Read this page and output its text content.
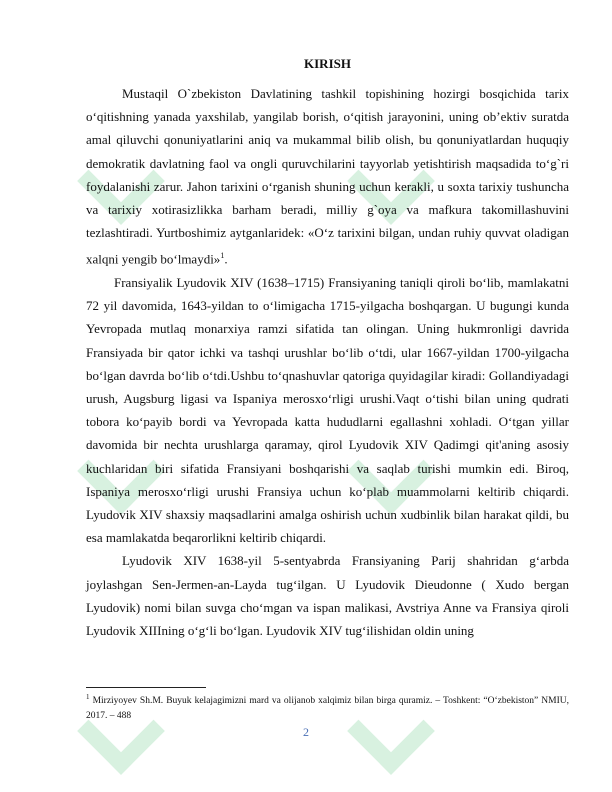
KIRISH

Mustaqil O`zbekiston Davlatining tashkil topishining hozirgi bosqichida tarix o‘qitishning yanada yaxshilab, yangilab borish, o‘qitish jarayonini, uning ob’ektiv suratda amal qiluvchi qonuniyatlarini aniq va mukammal bilib olish, bu qonuniyatlardan huquqiy demokratik davlatning faol va ongli quruvchilarini tayyorlab yetishtirish maqsadida to‘g`ri foydalanishi zarur. Jahon tarixini o‘rganish shuning uchun kerakli, u soxta tarixiy tushuncha va tarixiy xotirasizlikka barham beradi, milliy g`oya va mafkura takomillashuvini tezlashtiradi. Yurtboshimiz aytganlaridek: «O‘z tarixini bilgan, undan ruhiy quvvat oladigan xalqni yengib bo‘lmaydi»$^1$.

Fransiyalik Lyudovik XIV (1638–1715) Fransiyaning taniqli qiroli bo‘lib, mamlakatni 72 yil davomida, 1643-yildan to o‘limigacha 1715-yilgacha boshqargan. U bugungi kunda Yevropada mutlaq monarxiya ramzi sifatida tan olingan. Uning hukmronligi davrida Fransiyada bir qator ichki va tashqi urushlar bo‘lib o‘tdi, ular 1667-yildan 1700-yilgacha bo‘lgan davrda bo‘lib o‘tdi.Ushbu to‘qnashuvlar qatoriga quyidagilar kiradi: Gollandiyadagi urush, Augsburg ligasi va Ispaniya merosxo‘rligi urushi.Vaqt o‘tishi bilan uning qudrati tobora ko‘payib bordi va Yevropada katta hududlarni egallashni xohladi. O‘tgan yillar davomida bir nechta urushlarga qaramay, qirol Lyudovik XIV Qadimgi qit'aning asosiy kuchlaridan biri sifatida Fransiyani boshqarishi va saqlab turishi mumkin edi. Biroq, Ispaniya merosxo‘rligi urushi Fransiya uchun ko‘plab muammolarni keltirib chiqardi. Lyudovik XIV shaxsiy maqsadlarini amalga oshirish uchun xudbinlik bilan harakat qildi, bu esa mamlakatda beqarorlikni keltirib chiqardi.

Lyudovik XIV 1638-yil 5-sentyabrda Fransiyaning Parij shahridan g‘arbda joylashgan Sen-Jermen-an-Layda tug‘ilgan. U Lyudovik Dieudonne ( Xudo bergan Lyudovik) nomi bilan suvga cho‘mgan va ispan malikasi, Avstriya Anne va Fransiya qiroli Lyudovik XIIIning o‘g‘li bo‘lgan. Lyudovik XIV tug‘ilishidan oldin uning

$^1$ Mirziyoyev Sh.M. Buyuk kelajagimizni mard va olijanob xalqimiz bilan birga quramiz. – Toshkent: “O‘zbekiston” NMIU, 2017. – 488
2
